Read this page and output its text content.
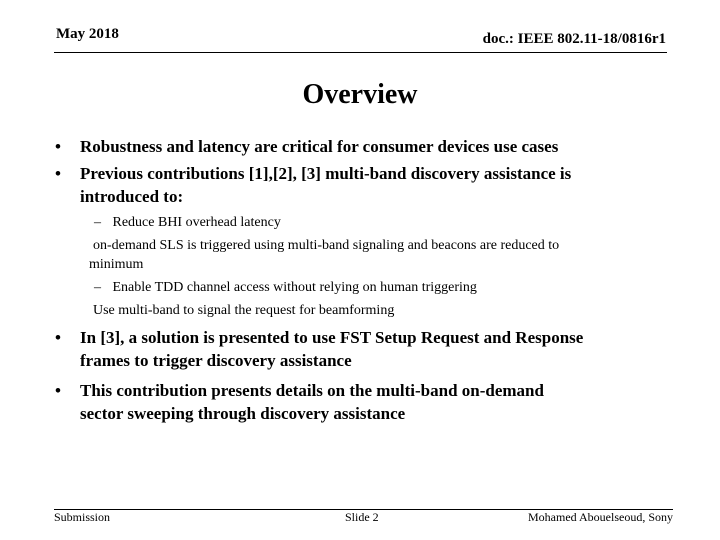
May 2018	doc.: IEEE 802.11-18/0816r1
Overview
• Robustness and latency are critical for consumer devices use cases
• Previous contributions [1],[2], [3] multi-band discovery assistance is
introduced to:
– Reduce BHI overhead latency
on-demand SLS is triggered using multi-band signaling and beacons are reduced to
minimum
– Enable TDD channel access without relying on human triggering
Use multi-band to signal the request for beamforming
• In [3], a solution is presented to use FST Setup Request and Response
frames to trigger discovery assistance
• This contribution presents details on the multi-band on-demand
sector sweeping through discovery assistance
Submission	Slide 2	Mohamed Abouelseoud, Sony
